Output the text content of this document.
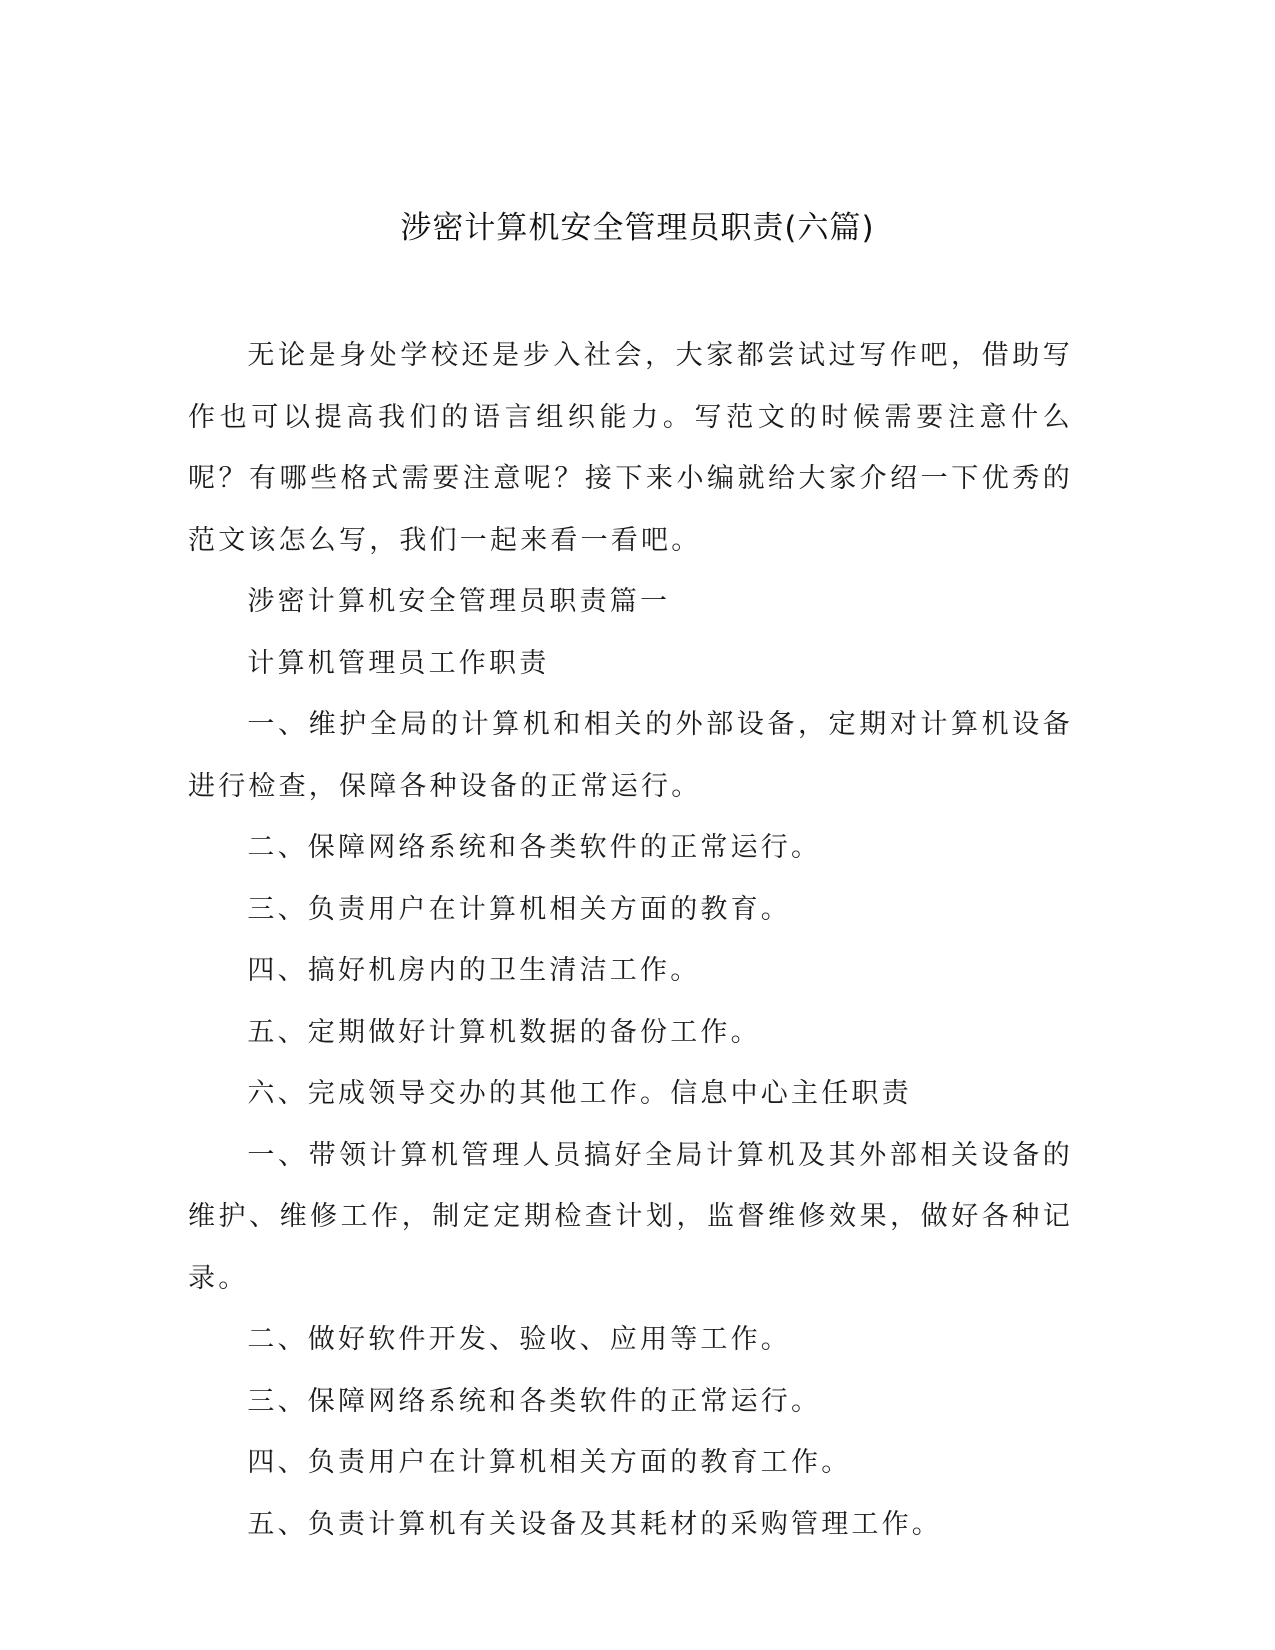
涉密计算机安全管理员职责(六篇)

无论是身处学校还是步入社会，大家都尝试过写作吧，借助写作也可以提高我们的语言组织能力。写范文的时候需要注意什么呢？有哪些格式需要注意呢？接下来小编就给大家介绍一下优秀的范文该怎么写，我们一起来看一看吧。

涉密计算机安全管理员职责篇一

计算机管理员工作职责

一、维护全局的计算机和相关的外部设备，定期对计算机设备进行检查，保障各种设备的正常运行。

二、保障网络系统和各类软件的正常运行。

三、负责用户在计算机相关方面的教育。

四、搞好机房内的卫生清洁工作。

五、定期做好计算机数据的备份工作。

六、完成领导交办的其他工作。信息中心主任职责

一、带领计算机管理人员搞好全局计算机及其外部相关设备的维护、维修工作，制定定期检查计划，监督维修效果，做好各种记录。

二、做好软件开发、验收、应用等工作。

三、保障网络系统和各类软件的正常运行。

四、负责用户在计算机相关方面的教育工作。

五、负责计算机有关设备及其耗材的采购管理工作。
